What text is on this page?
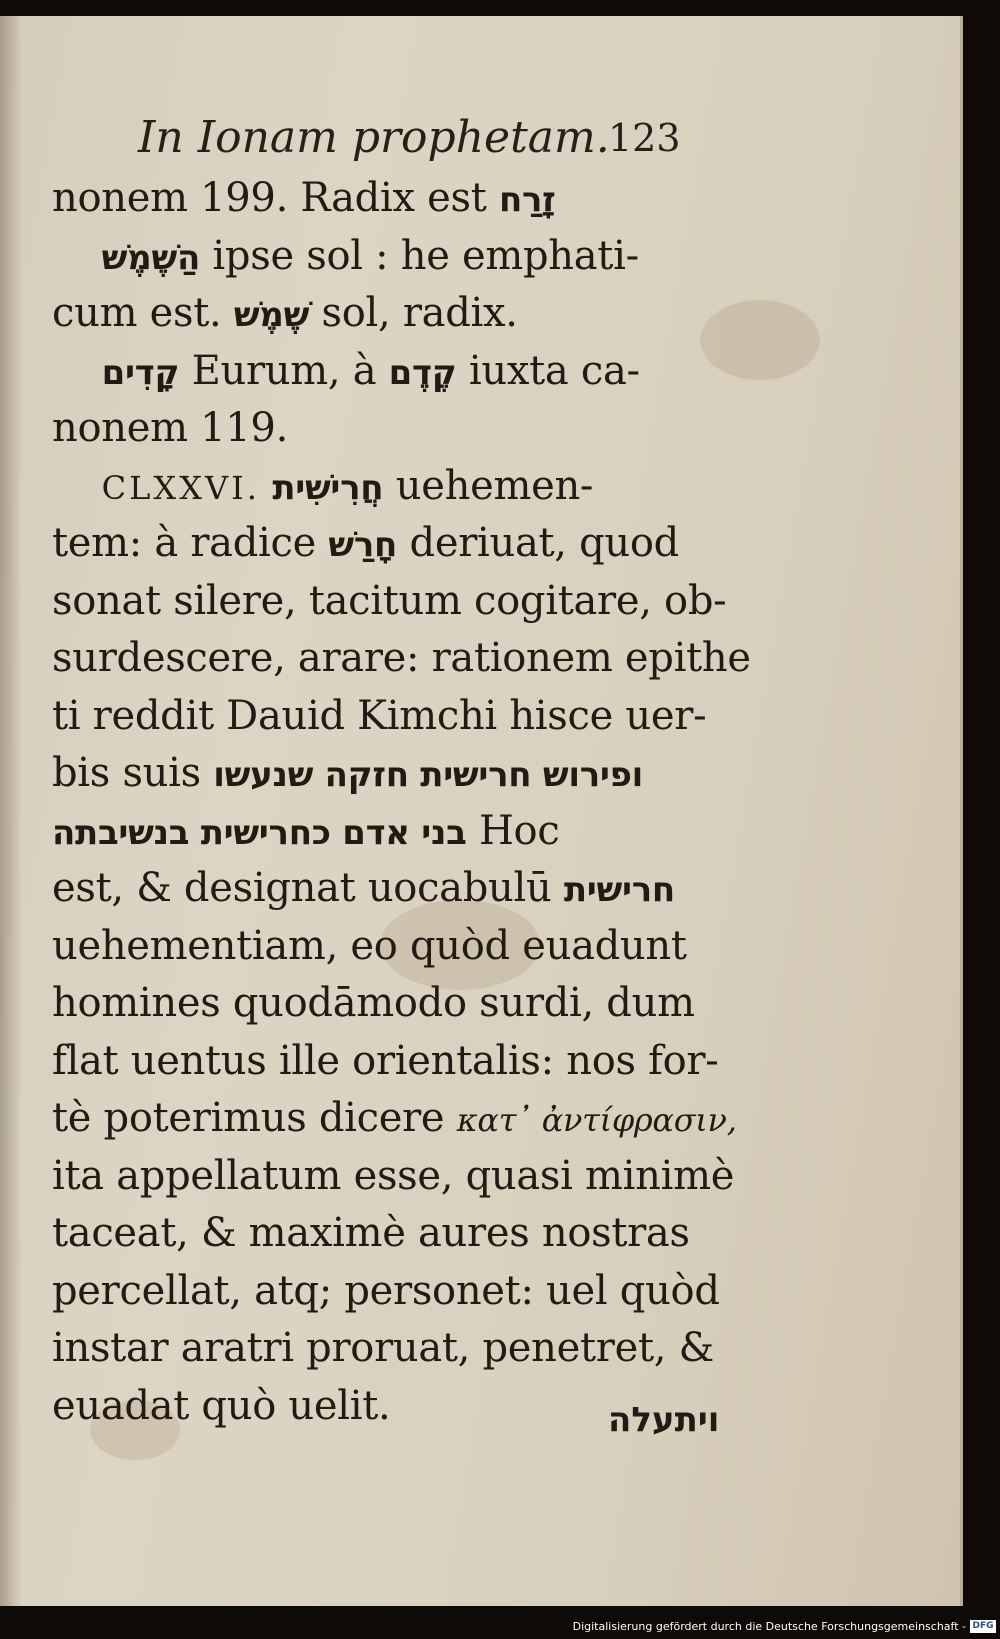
In Ionam prophetam.
123
nonem 199. Radix est זָרַח
הַשֶׁמֶשׁ ipse sol : he emphati-
cum est. שֶׁמֶשׁ sol, radix.
קָדִים Eurum, à קֶדֶם iuxta ca-
nonem 119.
CLXXVI. חֲרִישִׁית uehemen-
tem: à radice חָרַשׁ deriuat, quod
sonat silere, tacitum cogitare, ob-
surdescere, arare: rationem epithe
ti reddit Dauid Kimchi hisce uer-
bis suis ופירוש חרישית חזקה שנעשו
בני אדם כחרישית בנשיבתה Hoc
est, & designat uocabulū חרישית
uehementiam, eo quòd euadunt
homines quodāmodo surdi, dum
flat uentus ille orientalis: nos for-
tè poterimus dicere κατ᾽ ἀντίφρασιν,
ita appellatum esse, quasi minimè
taceat, & maximè aures nostras
percellat, atq; personet: uel quòd
instar aratri proruat, penetret, &
euadat quò uelit.	ויתעלה
Digitalisierung gefördert durch die Deutsche Forschungsgemeinschaft - DFG
